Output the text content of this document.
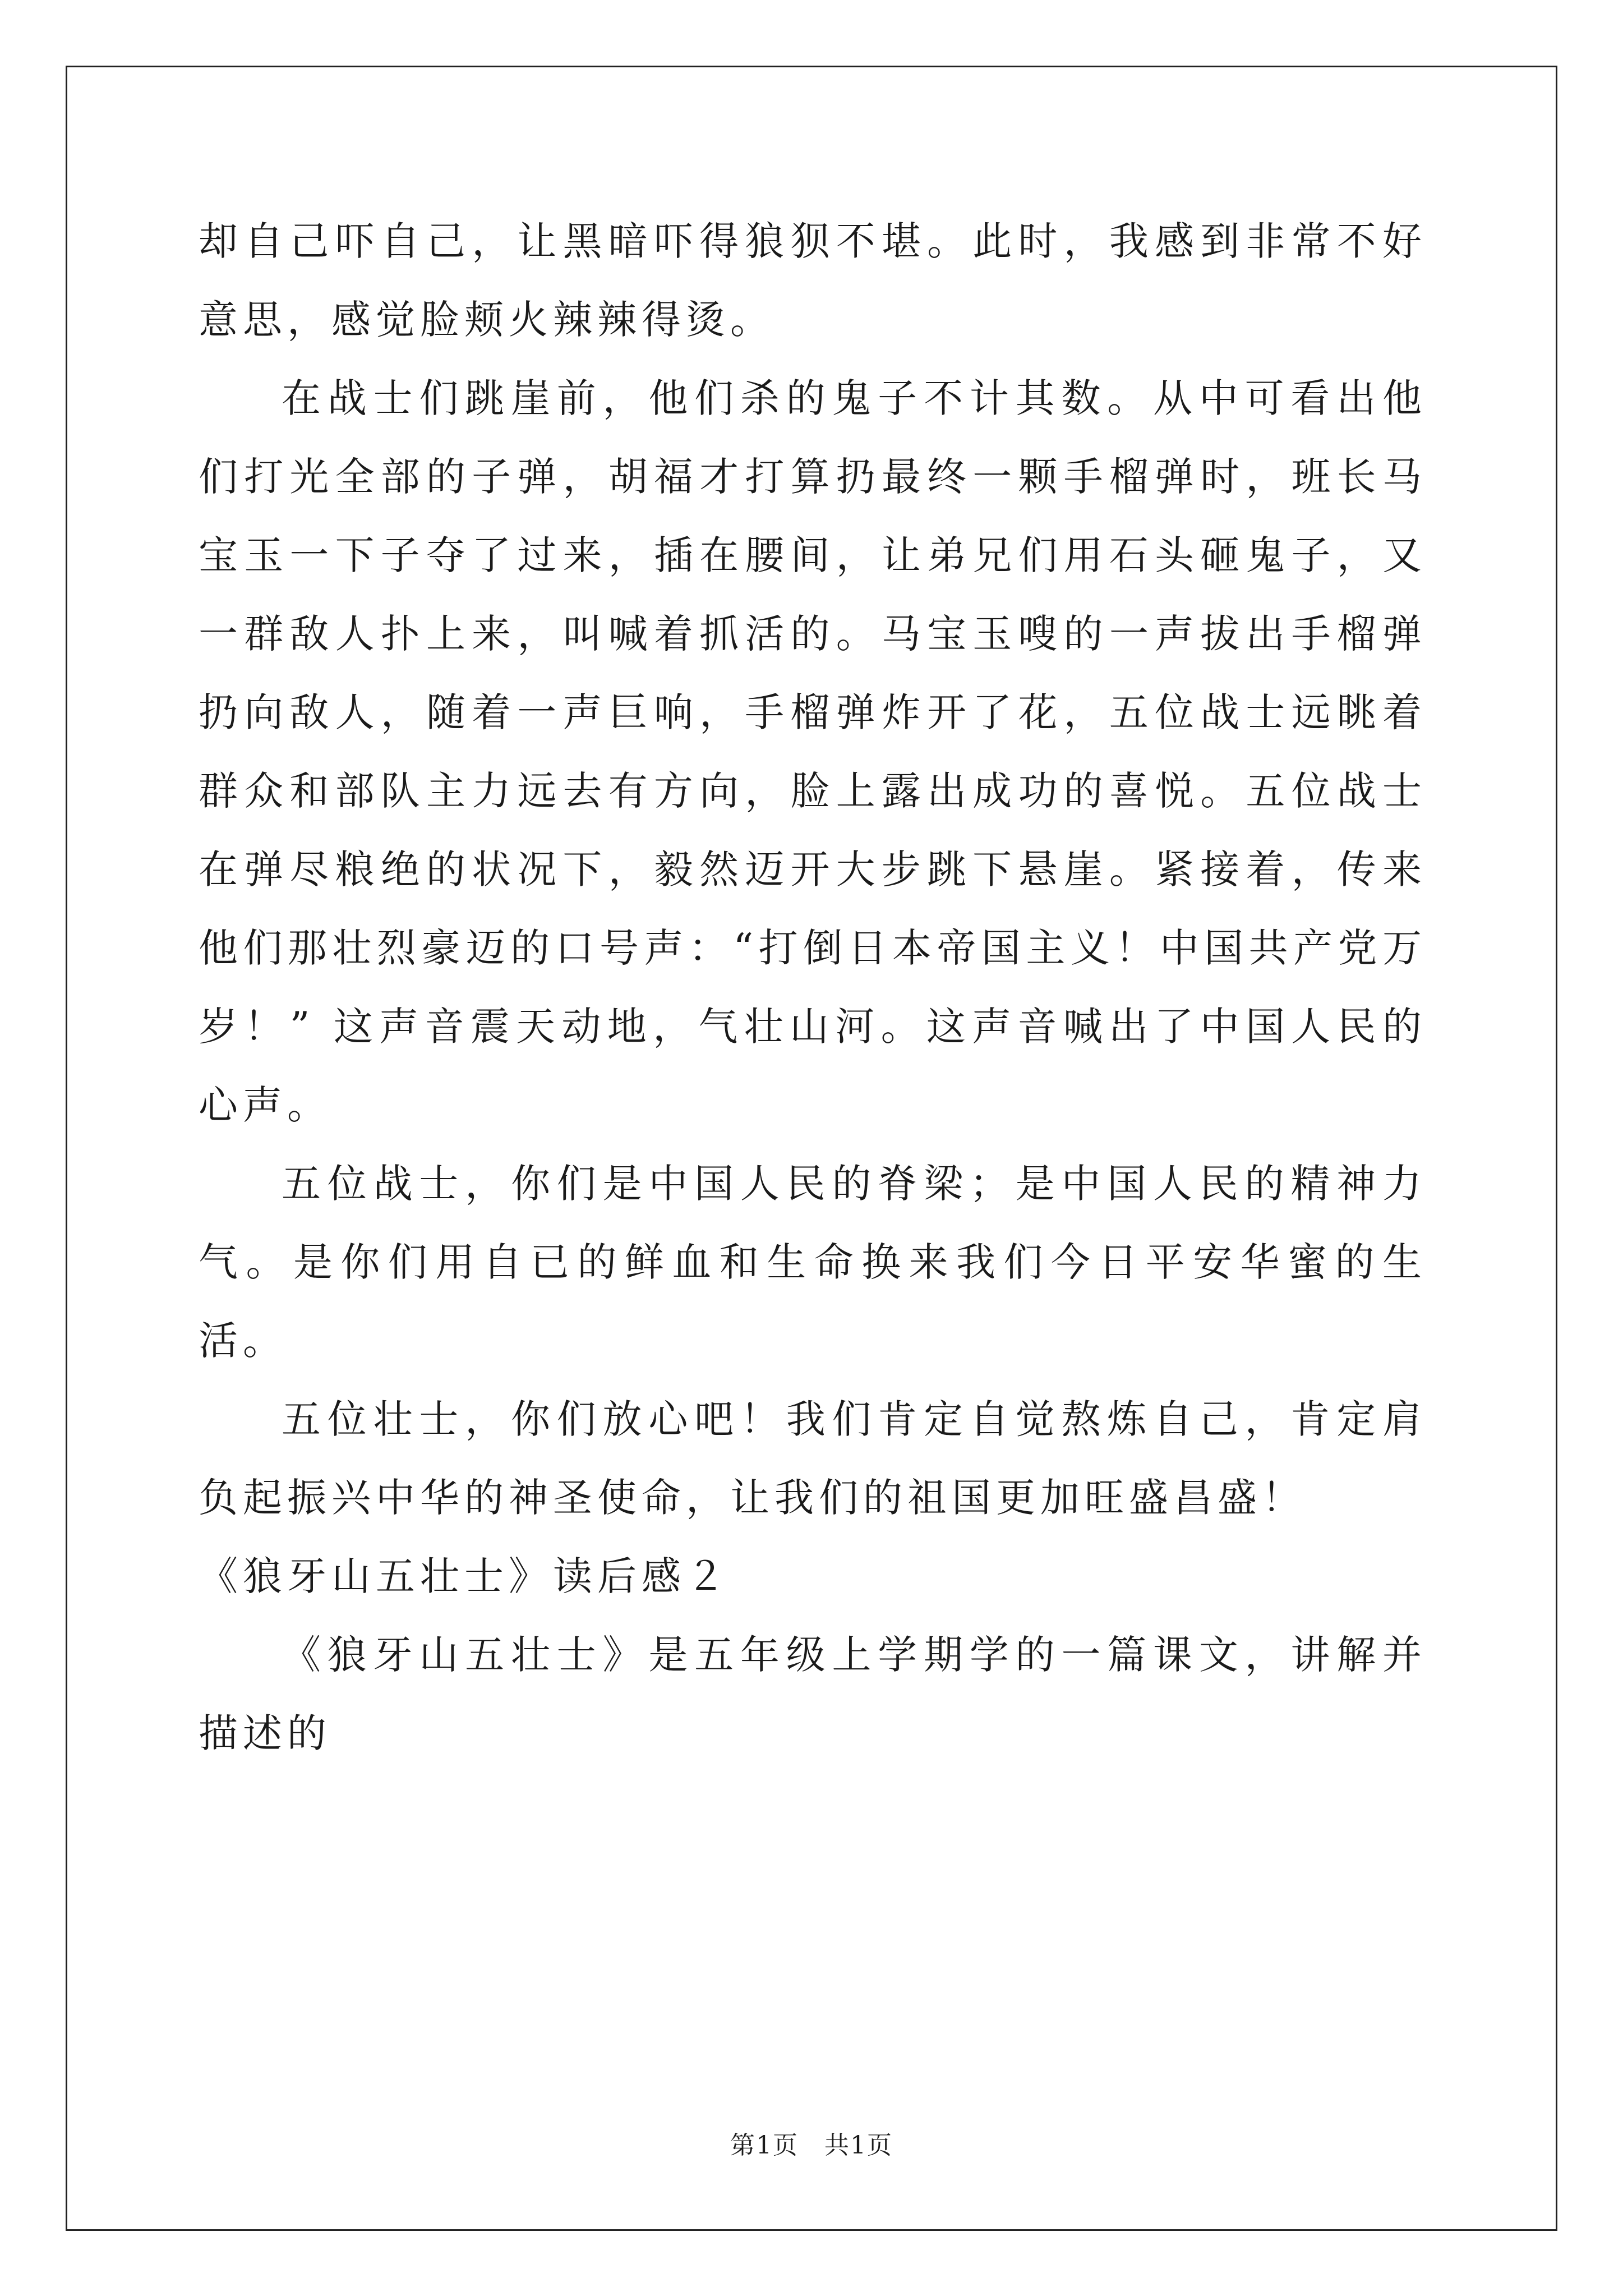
却自己吓自己，让黑暗吓得狼狈不堪。此时，我感到非常不好意思，感觉脸颊火辣辣得烫。

在战士们跳崖前，他们杀的鬼子不计其数。从中可看出他们打光全部的子弹，胡福才打算扔最终一颗手榴弹时，班长马宝玉一下子夺了过来，插在腰间，让弟兄们用石头砸鬼子，又一群敌人扑上来，叫喊着抓活的。马宝玉嗖的一声拔出手榴弹扔向敌人，随着一声巨响，手榴弹炸开了花，五位战士远眺着群众和部队主力远去有方向，脸上露出成功的喜悦。五位战士在弹尽粮绝的状况下，毅然迈开大步跳下悬崖。紧接着，传来他们那壮烈豪迈的口号声：“打倒日本帝国主义！中国共产党万岁！” 这声音震天动地，气壮山河。这声音喊出了中国人民的心声。

五位战士，你们是中国人民的脊梁；是中国人民的精神力气。是你们用自已的鲜血和生命换来我们今日平安华蜜的生活。

五位壮士，你们放心吧！我们肯定自觉熬炼自己，肯定肩负起振兴中华的神圣使命，让我们的祖国更加旺盛昌盛！

《狼牙山五壮士》读后感２

《狼牙山五壮士》是五年级上学期学的一篇课文，讲解并描述的

第1页　共1页
